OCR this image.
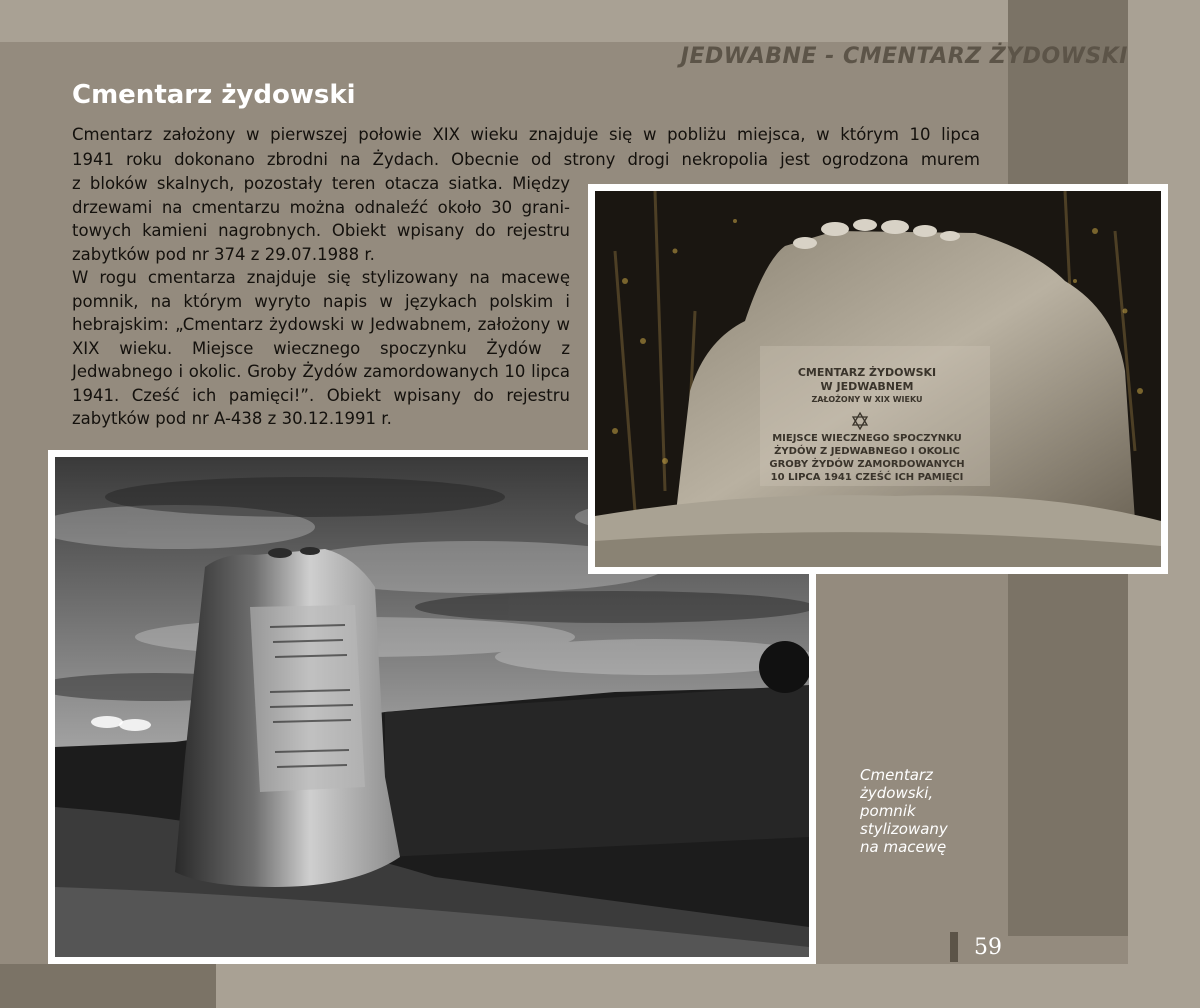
JEDWABNE - CMENTARZ ŻYDOWSKI
Cmentarz żydowski

Cmentarz założony w pierwszej połowie XIX wieku znajduje się w pobliżu miejsca, w którym 10 lipca

1941 roku dokonano zbrodni na Żydach. Obecnie od strony drogi nekropolia jest ogrodzona murem

z bloków skalnych, pozostały teren otacza siatka. Między drzewami na cmentarzu można odnaleźć około 30 granitowych kamieni nagrobnych. Obiekt wpisany do rejestru zabytków pod nr 374 z 29.07.1988 r.

W rogu cmentarza znajduje się stylizowany na macewę pomnik, na którym wyryto napis w językach polskim i hebrajskim: „Cmentarz żydowski w Jedwabnem, założony w XIX wieku. Miejsce wiecznego spoczynku Żydów z Jedwabnego i okolic. Groby Żydów zamordowanych 10 lipca 1941. Cześć ich pamięci!”. Obiekt wpisany do rejestru zabytków pod nr A-438 z 30.12.1991 r.

CMENTARZ ŻYDOWSKI
W JEDWABNEM
ZAŁOŻONY W XIX WIEKU
MIEJSCE WIECZNEGO SPOCZYNKU
ŻYDÓW Z JEDWABNEGO I OKOLIC
GROBY ŻYDÓW ZAMORDOWANYCH
10 LIPCA 1941 CZEŚĆ ICH PAMIĘCI
Cmentarz
żydowski,
pomnik
stylizowany
na macewę
59
